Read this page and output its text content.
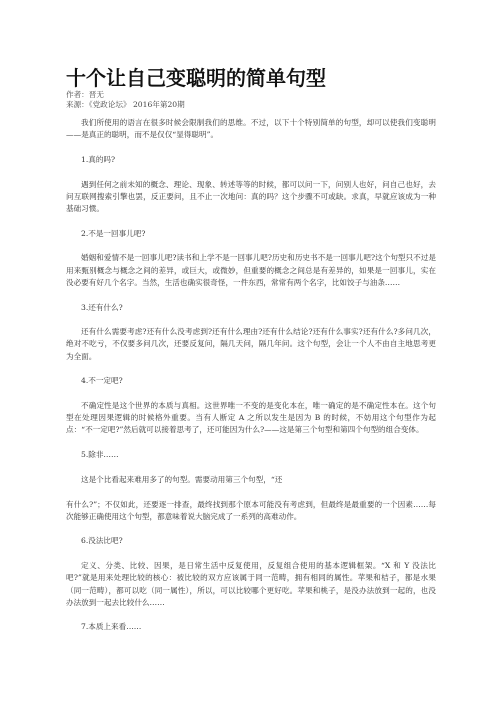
十个让自己变聪明的简单句型
作者：晋无
来源：《党政论坛》 2016年第20期

我们所使用的语言在很多时候会限制我们的思维。不过，以下十个特别简单的句型，却可以使我们变聪明——是真正的聪明，而不是仅仅“显得聪明”。

1.真的吗?

遇到任何之前未知的概念、理论、现象、转述等等的时候，都可以问一下，问别人也好，问自己也好，去问互联网搜索引擎也罢，反正要问，且不止一次地问：真的吗？这个步骤不可或缺。求真，早就应该成为一种基础习惯。

2.不是一回事儿吧?

婚姻和爱情不是一回事儿吧?读书和上学不是一回事儿吧?历史和历史书不是一回事儿吧?这个句型只不过是用来甄别概念与概念之间的差异，或巨大，或微妙，但重要的概念之间总是有差异的，如果是一回事儿，实在没必要有好几个名字。当然，生活也确实很奇怪，一件东西，常常有两个名字，比如饺子与油条……

3.还有什么?

还有什么需要考虑?还有什么没考虑到?还有什么理由?还有什么结论?还有什么事实?还有什么?多问几次，绝对不吃亏，不仅要多问几次，还要反复问，隔几天问，隔几年问。这个句型，会让一个人不由自主地思考更为全面。

4.不一定吧?

不确定性是这个世界的本质与真相。这世界唯一不变的是变化本在，唯一确定的是不确定性本在。这个句型在处理因果逻辑的时候格外重要。当有人断定 A 之所以发生是因为 B 的时候，不妨用这个句型作为起点：“不一定吧?”然后就可以接着思考了，还可能因为什么?——这是第三个句型和第四个句型的组合变体。

5.除非……

这是个比看起来难用多了的句型。需要动用第三个句型，“还

有什么?”；不仅如此，还要逐一排查，最终找到那个原本可能没有考虑到，但最终是最重要的一个因素……每次能够正确使用这个句型，都意味着说大脑完成了一系列的高难动作。

6.没法比吧?

定义、分类、比较、因果，是日常生活中反复使用，反复组合使用的基本逻辑框架。“X 和 Y 没法比吧?”就是用来处理比较的核心：被比较的双方应该属于同一范畴，拥有相同的属性。苹果和桔子，都是水果（同一范畴），都可以吃（同一属性），所以，可以比较哪个更好吃。苹果和桃子，是没办法放到一起的，也没办法放到一起去比较什么……

7.本质上来看……
